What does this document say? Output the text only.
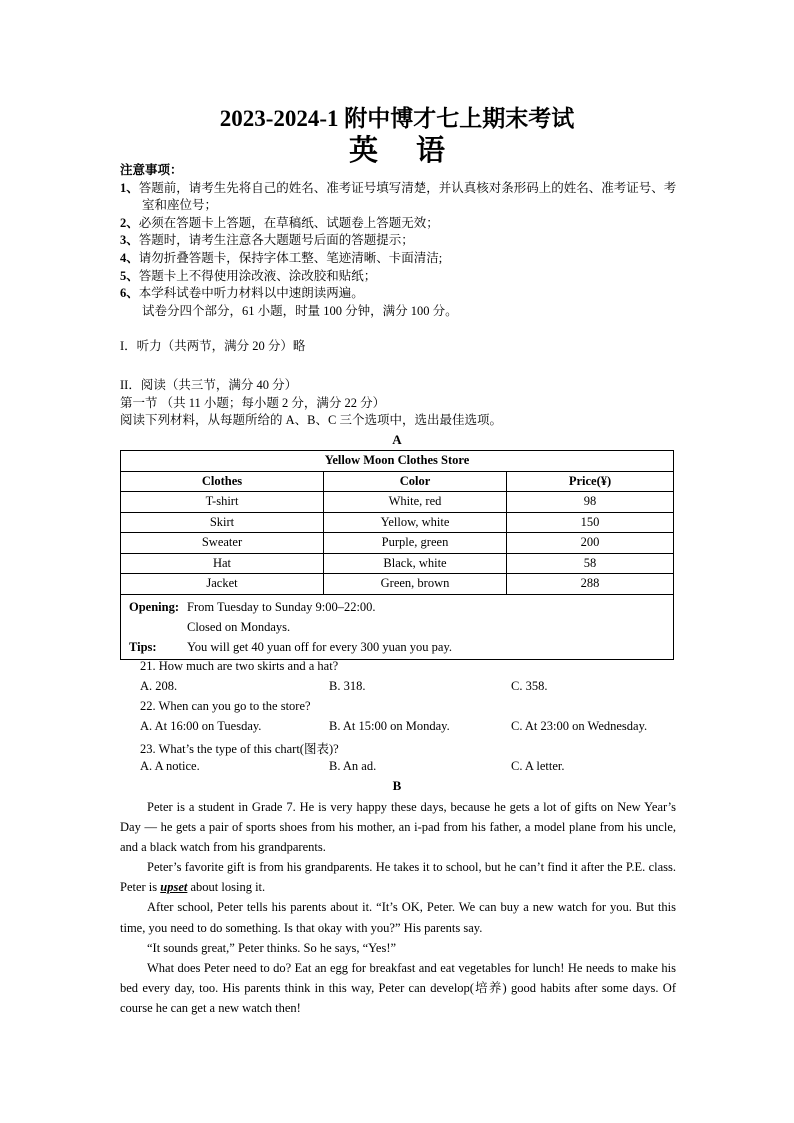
2023-2024-1 附中博才七上期末考试
英语
注意事项：
1、答题前，请考生先将自己的姓名、准考证号填写清楚，并认真核对条形码上的姓名、准考证号、考室和座位号；
2、必须在答题卡上答题，在草稿纸、试题卷上答题无效；
3、答题时，请考生注意各大题题号后面的答题提示；
4、请勿折叠答题卡，保持字体工整、笔迹清晰、卡面清洁;
5、答题卡上不得使用涂改液、涂改胶和贴纸；
6、本学科试卷中听力材料以中速朗读两遍。
试卷分四个部分，61 小题，时量 100 分钟，满分 100 分。
I．听力（共两节，满分 20 分）略
II．阅读（共三节，满分 40 分）
第一节 （共 11 小题；每小题 2 分，满分 22 分）
阅读下列材料，从每题所给的 A、B、C 三个选项中，选出最佳选项。
A
Yellow Moon Clothes Store		
Clothes	Color	Price(¥)
T-shirt	White, red	98
Skirt	Yellow, white	150
Sweater	Purple, green	200
Hat	Black, white	58
Jacket	Green, brown	288

Opening: From Tuesday to Sunday 9:00–22:00.
Closed on Mondays.
Tips: You will get 40 yuan off for every 300 yuan you pay.		
21. How much are two skirts and a hat?
A. 208.	B. 318.	C. 358.
22. When can you go to the store?
A. At 16:00 on Tuesday.	B. At 15:00 on Monday.	C. At 23:00 on Wednesday.
23. What’s the type of this chart(图表)?
A. A notice.	B. An ad.	C. A letter.
B

Peter is a student in Grade 7. He is very happy these days, because he gets a lot of gifts on New Year’s Day — he gets a pair of sports shoes from his mother, an i-pad from his father, a model plane from his uncle, and a black watch from his grandparents.

Peter’s favorite gift is from his grandparents. He takes it to school, but he can’t find it after the P.E. class. Peter is upset about losing it.

After school, Peter tells his parents about it. “It’s OK, Peter. We can buy a new watch for you. But this time, you need to do something. Is that okay with you?” His parents say.

“It sounds great,” Peter thinks. So he says, “Yes!”

What does Peter need to do? Eat an egg for breakfast and eat vegetables for lunch! He needs to make his bed every day, too. His parents think in this way, Peter can develop(培养) good habits after some days. Of course he can get a new watch then!
